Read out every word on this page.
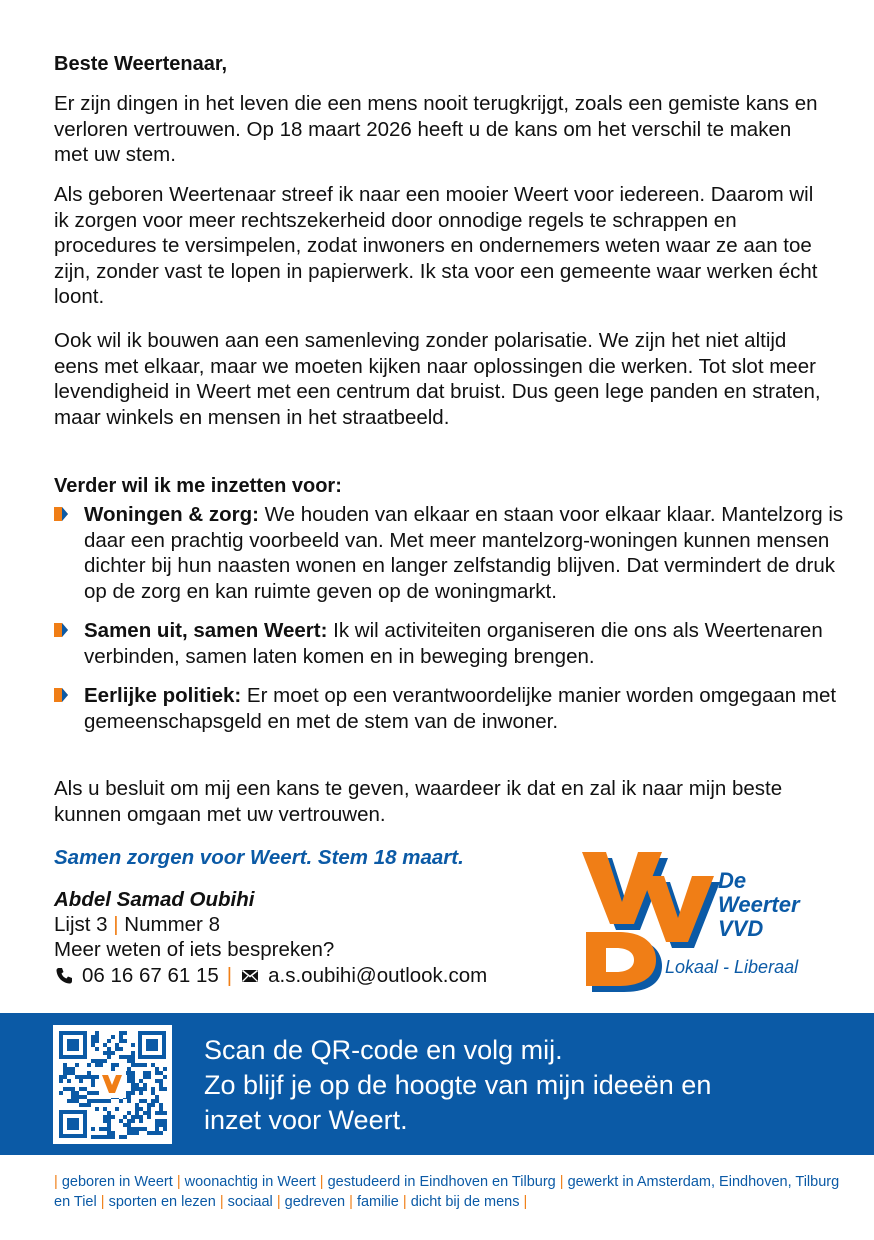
Beste Weertenaar,

Er zijn dingen in het leven die een mens nooit terugkrijgt, zoals een gemiste kans en verloren vertrouwen. Op 18 maart 2026 heeft u de kans om het verschil te maken met uw stem.

Als geboren Weertenaar streef ik naar een mooier Weert voor iedereen. Daarom wil ik zorgen voor meer rechtszekerheid door onnodige regels te schrappen en procedures te versimpelen, zodat inwoners en ondernemers weten waar ze aan toe zijn, zonder vast te lopen in papierwerk. Ik sta voor een gemeente waar werken écht loont.

Ook wil ik bouwen aan een samenleving zonder polarisatie. We zijn het niet altijd eens met elkaar, maar we moeten kijken naar oplossingen die werken. Tot slot meer levendigheid in Weert met een centrum dat bruist. Dus geen lege panden en straten, maar winkels en mensen in het straatbeeld.

Verder wil ik me inzetten voor:
Woningen & zorg: We houden van elkaar en staan voor elkaar klaar. Mantelzorg is daar een prachtig voorbeeld van. Met meer mantelzorg-woningen kunnen mensen dichter bij hun naasten wonen en langer zelfstandig blijven. Dat vermindert de druk op de zorg en kan ruimte geven op de woningmarkt.
Samen uit, samen Weert: Ik wil activiteiten organiseren die ons als Weertenaren verbinden, samen laten komen en in beweging brengen.
Eerlijke politiek: Er moet op een verantwoordelijke manier worden omgegaan met gemeenschapsgeld en met de stem van de inwoner.

Als u besluit om mij een kans te geven, waardeer ik dat en zal ik naar mijn beste kunnen omgaan met uw vertrouwen.

Samen zorgen voor Weert. Stem 18 maart.
Abdel Samad Oubihi
Lijst 3 | Nummer 8
Meer weten of iets bespreken?
06 16 67 61 15 | a.s.oubihi@outlook.com
De
Weerter
VVD
Lokaal - Liberaal
Scan de QR-code en volg mij.
Zo blijf je op de hoogte van mijn ideeën en
inzet voor Weert.
| geboren in Weert | woonachtig in Weert | gestudeerd in Eindhoven en Tilburg | gewerkt in Amsterdam, Eindhoven, Tilburg en Tiel | sporten en lezen | sociaal | gedreven | familie | dicht bij de mens |
